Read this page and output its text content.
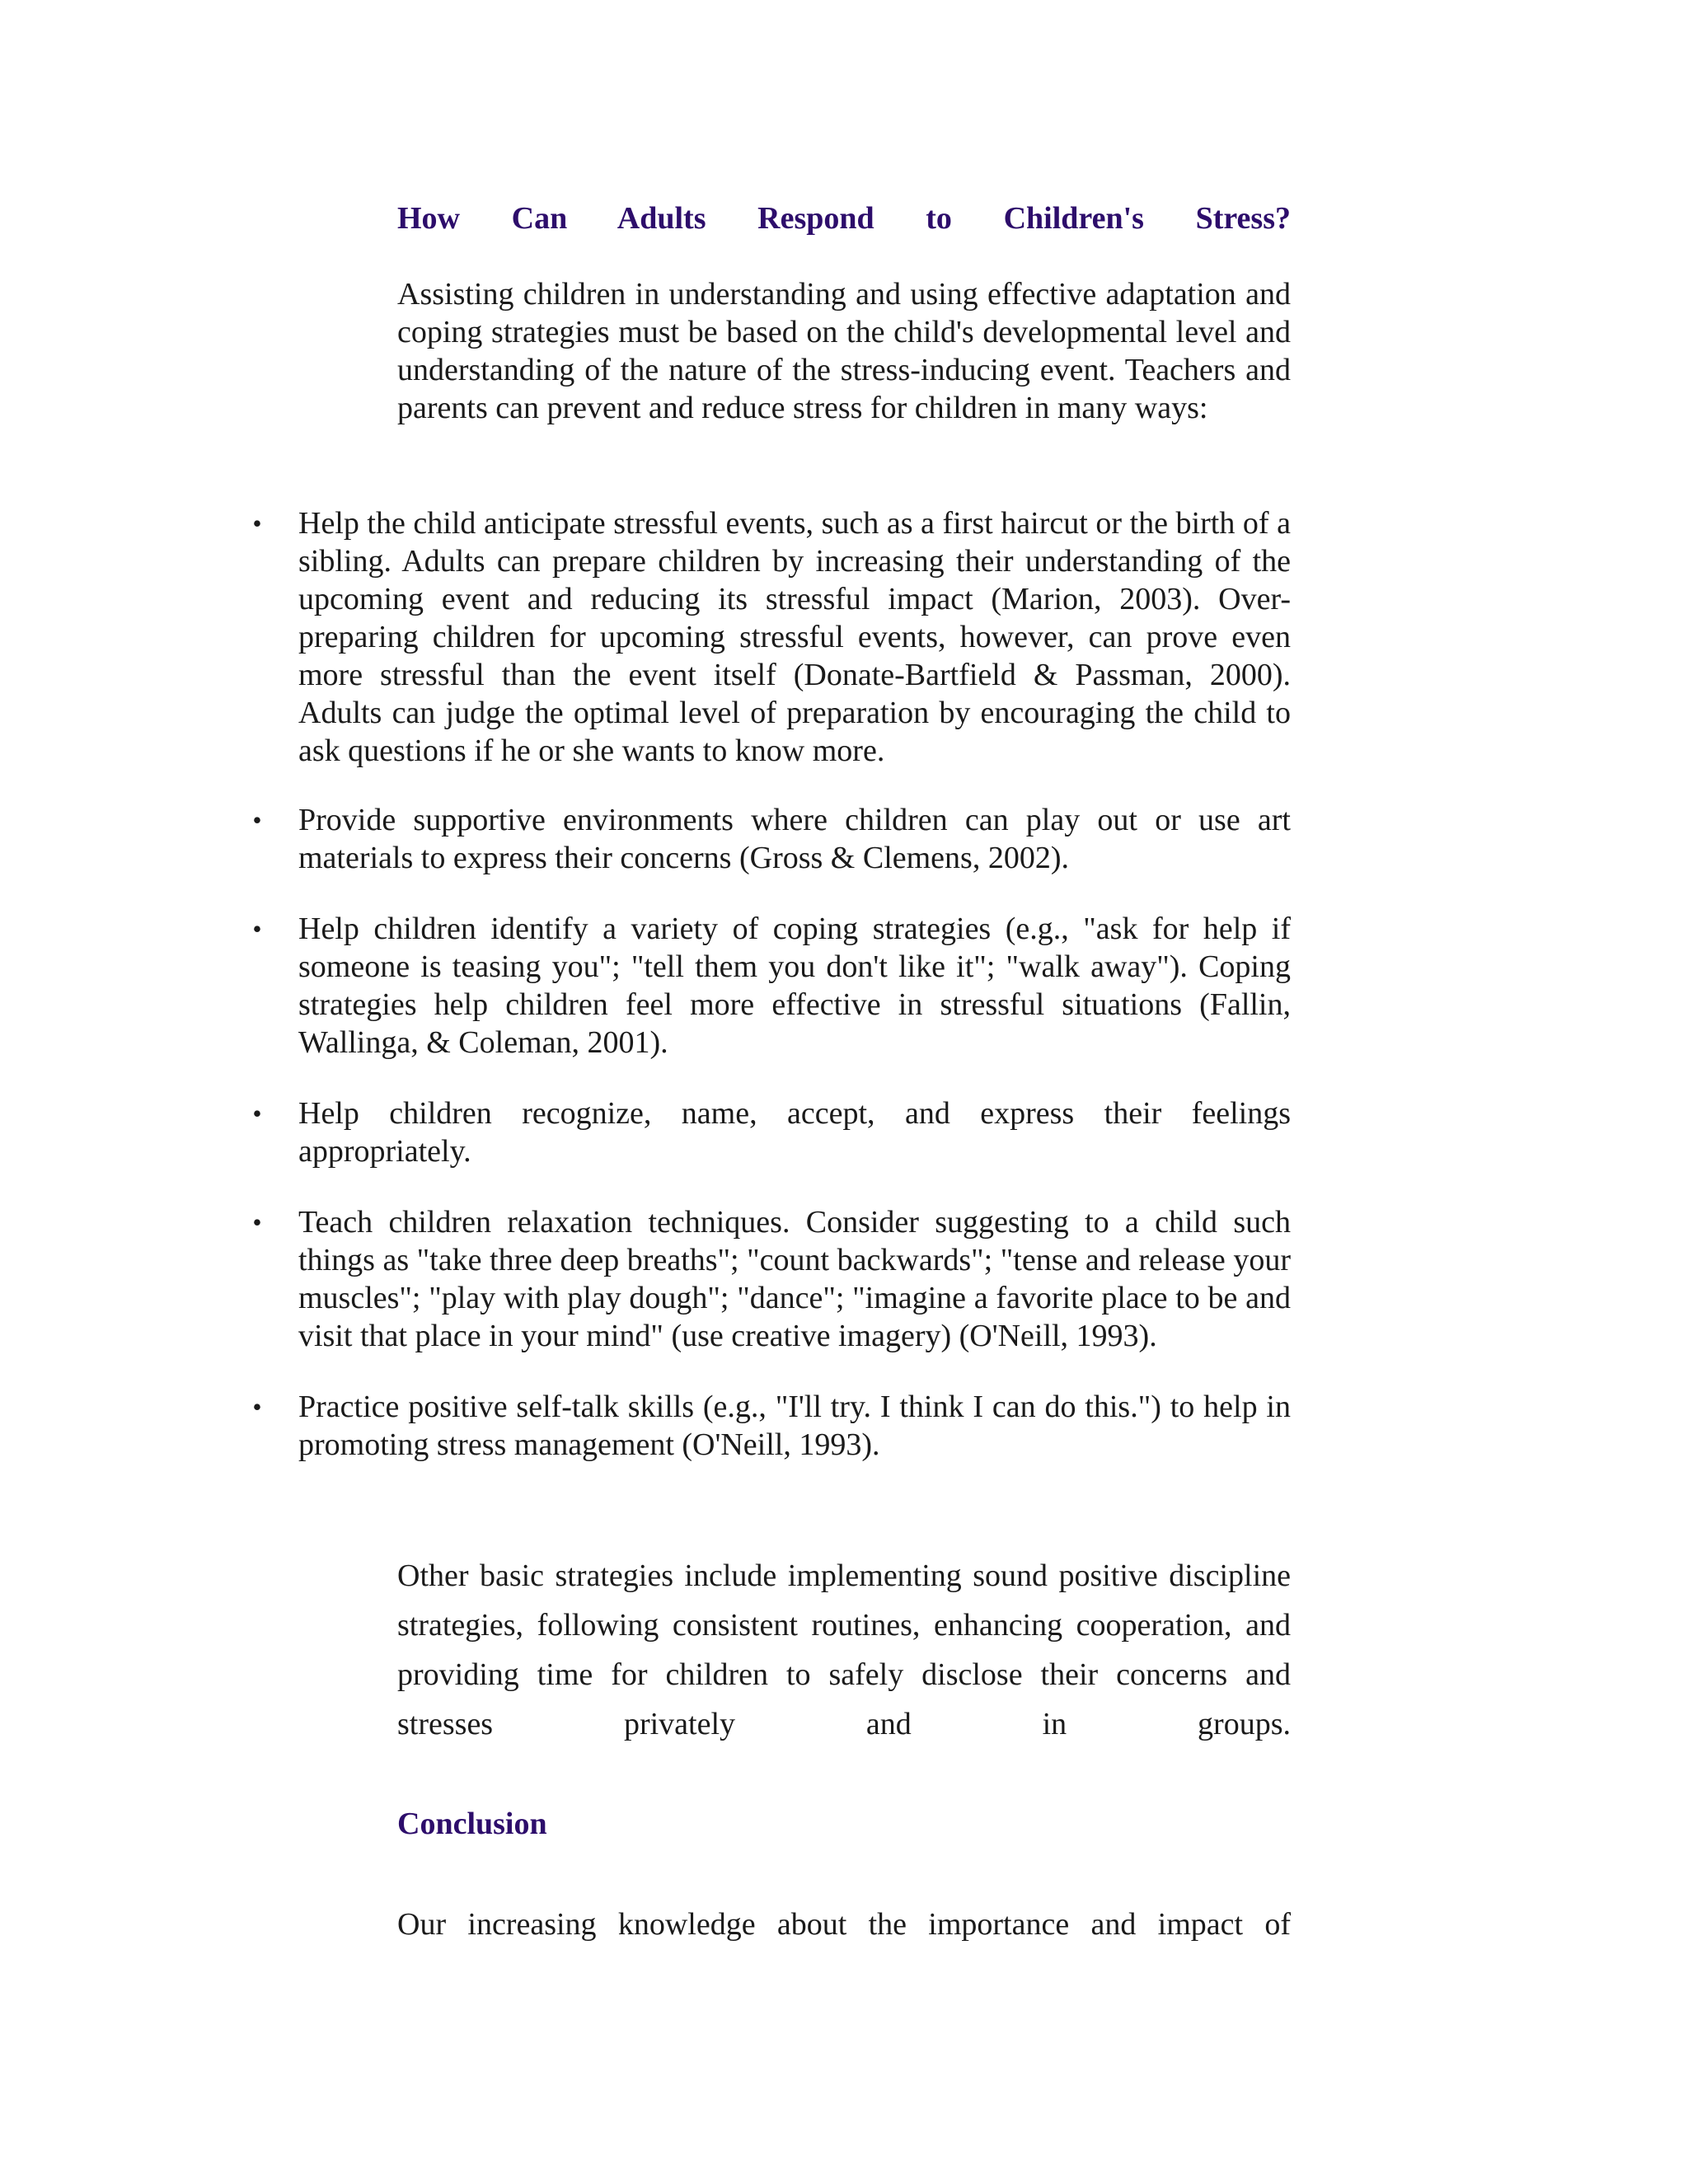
How Can Adults Respond to Children's Stress?

Assisting children in understanding and using effective adaptation and coping strategies must be based on the child's developmental level and understanding of the nature of the stress-inducing event. Teachers and parents can prevent and reduce stress for children in many ways:

• Help the child anticipate stressful events, such as a first haircut or the birth of a sibling. Adults can prepare children by increasing their understanding of the upcoming event and reducing its stressful impact (Marion, 2003). Over-preparing children for upcoming stressful events, however, can prove even more stressful than the event itself (Donate-Bartfield & Passman, 2000). Adults can judge the optimal level of preparation by encouraging the child to ask questions if he or she wants to know more.
• Provide supportive environments where children can play out or use art materials to express their concerns (Gross & Clemens, 2002).
• Help children identify a variety of coping strategies (e.g., "ask for help if someone is teasing you"; "tell them you don't like it"; "walk away"). Coping strategies help children feel more effective in stressful situations (Fallin, Wallinga, & Coleman, 2001).
• Help children recognize, name, accept, and express their feelings appropriately.
• Teach children relaxation techniques. Consider suggesting to a child such things as "take three deep breaths"; "count backwards"; "tense and release your muscles"; "play with play dough"; "dance"; "imagine a favorite place to be and visit that place in your mind" (use creative imagery) (O'Neill, 1993).
• Practice positive self-talk skills (e.g., "I'll try. I think I can do this.") to help in promoting stress management (O'Neill, 1993).

Other basic strategies include implementing sound positive discipline strategies, following consistent routines, enhancing cooperation, and providing time for children to safely disclose their concerns and stresses privately and in groups.

Conclusion

Our increasing knowledge about the importance and impact of
